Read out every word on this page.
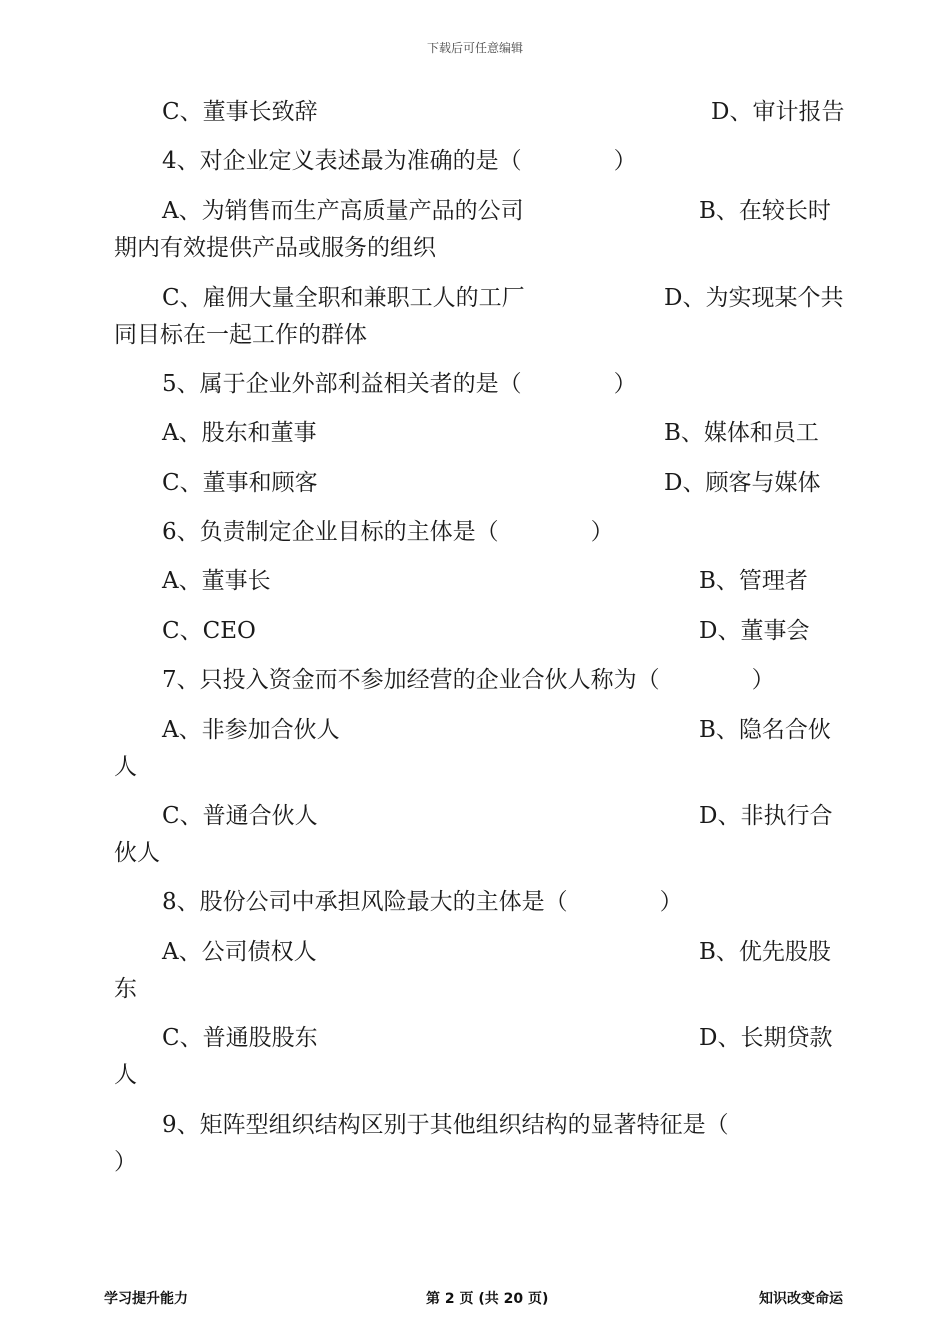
下载后可任意编辑
C、董事长致辞	D、审计报告
4、对企业定义表述最为准确的是（　　　　）
A、为销售而生产高质量产品的公司	B、在较长时
期内有效提供产品或服务的组织
C、雇佣大量全职和兼职工人的工厂	D、为实现某个共
同目标在一起工作的群体
5、属于企业外部利益相关者的是（　　　　）
A、股东和董事	B、媒体和员工
C、董事和顾客	D、顾客与媒体
6、负责制定企业目标的主体是（　　　　）
A、董事长	B、管理者
C、CEO	D、董事会
7、只投入资金而不参加经营的企业合伙人称为（　　　　）
A、非参加合伙人	B、隐名合伙
人
C、普通合伙人	D、非执行合
伙人
8、股份公司中承担风险最大的主体是（　　　　）
A、公司债权人	B、优先股股
东
C、普通股股东	D、长期贷款
人
9、矩阵型组织结构区别于其他组织结构的显著特征是（
）
学习提升能力	第 2 页 (共 20 页)	知识改变命运
